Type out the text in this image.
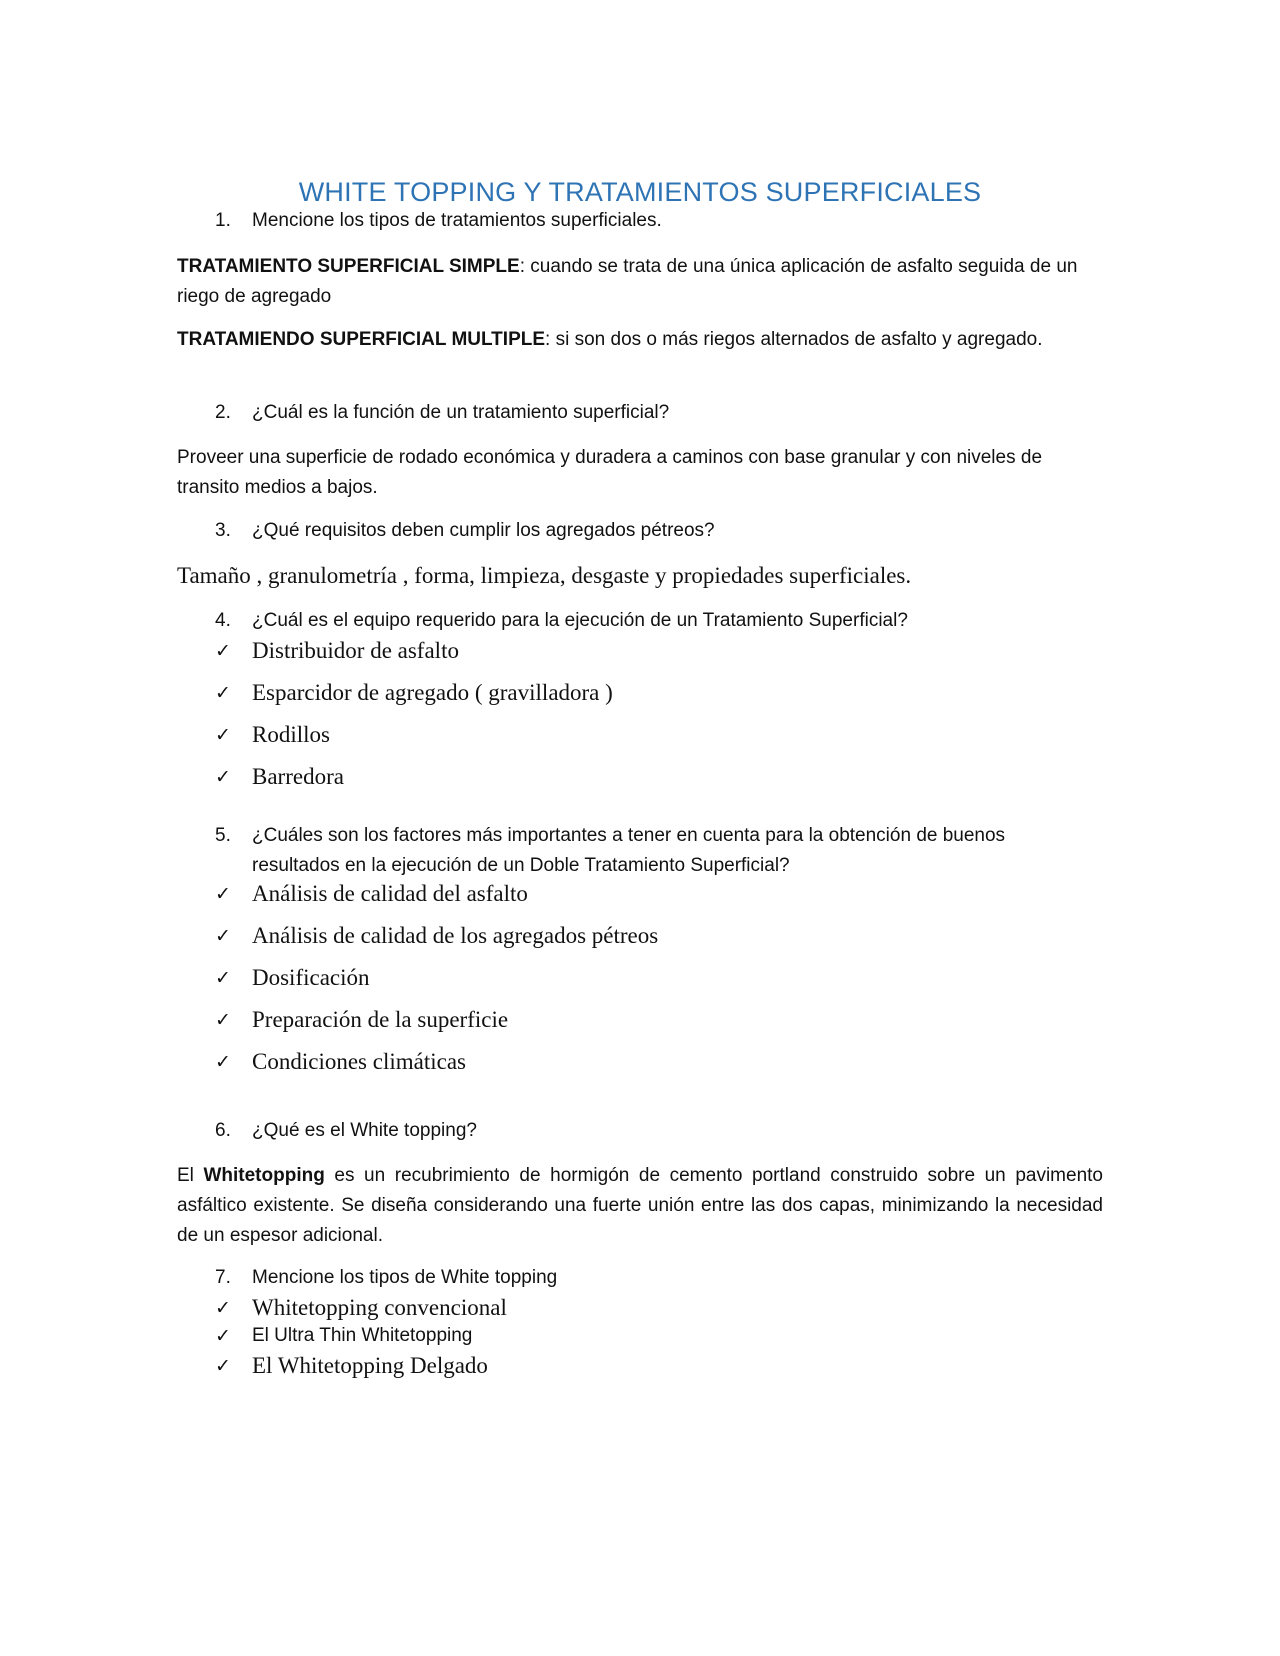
WHITE TOPPING Y TRATAMIENTOS SUPERFICIALES
1. Mencione los tipos de tratamientos superficiales.
TRATAMIENTO SUPERFICIAL SIMPLE: cuando se trata de una única aplicación de asfalto seguida de un riego de agregado
TRATAMIENDO SUPERFICIAL MULTIPLE: si son dos o más riegos alternados de asfalto y agregado.
2. ¿Cuál es la función de un tratamiento superficial?
Proveer una superficie de rodado económica y duradera a caminos con base granular y con niveles de transito medios a bajos.
3. ¿Qué requisitos deben cumplir los agregados pétreos?
Tamaño , granulometría , forma, limpieza, desgaste y propiedades superficiales.
4. ¿Cuál es el equipo requerido para la ejecución de un Tratamiento Superficial?
✓ Distribuidor de asfalto
✓ Esparcidor de agregado ( gravilladora )
✓ Rodillos
✓ Barredora
5. ¿Cuáles son los factores más importantes a tener en cuenta para la obtención de buenos resultados en la ejecución de un Doble Tratamiento Superficial?
✓ Análisis de calidad del asfalto
✓ Análisis de calidad de los agregados pétreos
✓ Dosificación
✓ Preparación de la superficie
✓ Condiciones climáticas
6. ¿Qué es el White topping?
El Whitetopping es un recubrimiento de hormigón de cemento portland construido sobre un pavimento asfáltico existente. Se diseña considerando una fuerte unión entre las dos capas, minimizando la necesidad de un espesor adicional.
7. Mencione los tipos de White topping
✓ Whitetopping convencional
✓ El Ultra Thin Whitetopping
✓ El Whitetopping Delgado
